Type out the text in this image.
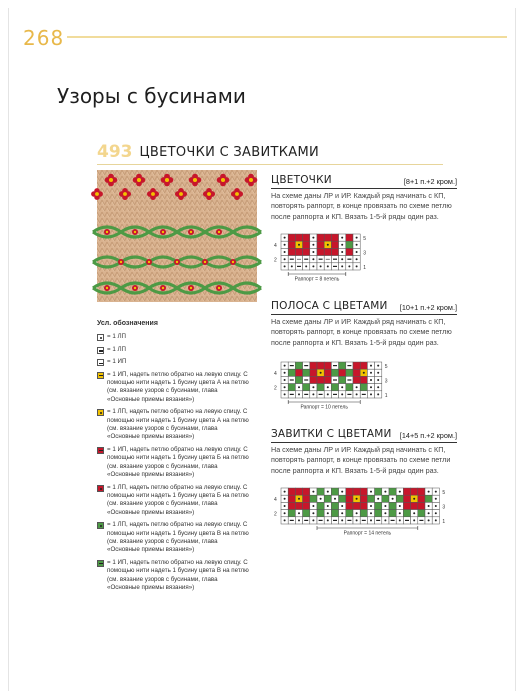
268
Узоры с бусинами
493 ЦВЕТОЧКИ С ЗАВИТКАМИ
Усл. обозначения
= 1 ЛП
= 1 ЛП
= 1 ИП
= 1 ИП, надеть петлю обратно на левую спицу. С помощью нити надеть 1 бусину цвета А на петлю (см. вязание узоров с бусинами, глава «Основные приемы вязания»)
= 1 ЛП, надеть петлю обратно на левую спицу. С помощью нити надеть 1 бусину цвета А на петлю (см. вязание узоров с бусинами, глава «Основные приемы вязания»)
= 1 ИП, надеть петлю обратно на левую спицу. С помощью нити надеть 1 бусину цвета Б на петлю (см. вязание узоров с бусинами, глава «Основные приемы вязания»)
= 1 ЛП, надеть петлю обратно на левую спицу. С помощью нити надеть 1 бусину цвета Б на петлю (см. вязание узоров с бусинами, глава «Основные приемы вязания»)
= 1 ЛП, надеть петлю обратно на левую спицу. С помощью нити надеть 1 бусину цвета В на петлю (см. вязание узоров с бусинами, глава «Основные приемы вязания»)
= 1 ИП, надеть петлю обратно на левую спицу. С помощью нити надеть 1 бусину цвета В на петлю (см. вязание узоров с бусинами, глава «Основные приемы вязания»)
ЦВЕТОЧКИ	[8+1 п.+2 кром.]
На схеме даны ЛР и ИР. Каждый ряд начинать с КП, повторять раппорт, в конце провязать по схеме петлю после раппорта и КП. Вязать 1-5-й ряды один раз.
5
3
1
4
2
Раппорт = 8 петель
ПОЛОСА С ЦВЕТАМИ [10+1 п.+2 кром.]
На схеме даны ЛР и ИР. Каждый ряд начинать с КП, повторять раппорт, в конце провязать по схеме петлю после раппорта и КП. Вязать 1-5-й ряды один раз.
5
3
1
4
2
Раппорт = 10 петель
ЗАВИТКИ С ЦВЕТАМИ [14+5 п.+2 кром.]
На схеме даны ЛР и ИР. Каждый ряд начинать с КП, повторять раппорт, в конце провязать по схеме петли после раппорта и КП. Вязать 1-5-й ряды один раз.
5
3
1
4
2
Раппорт = 14 петель
